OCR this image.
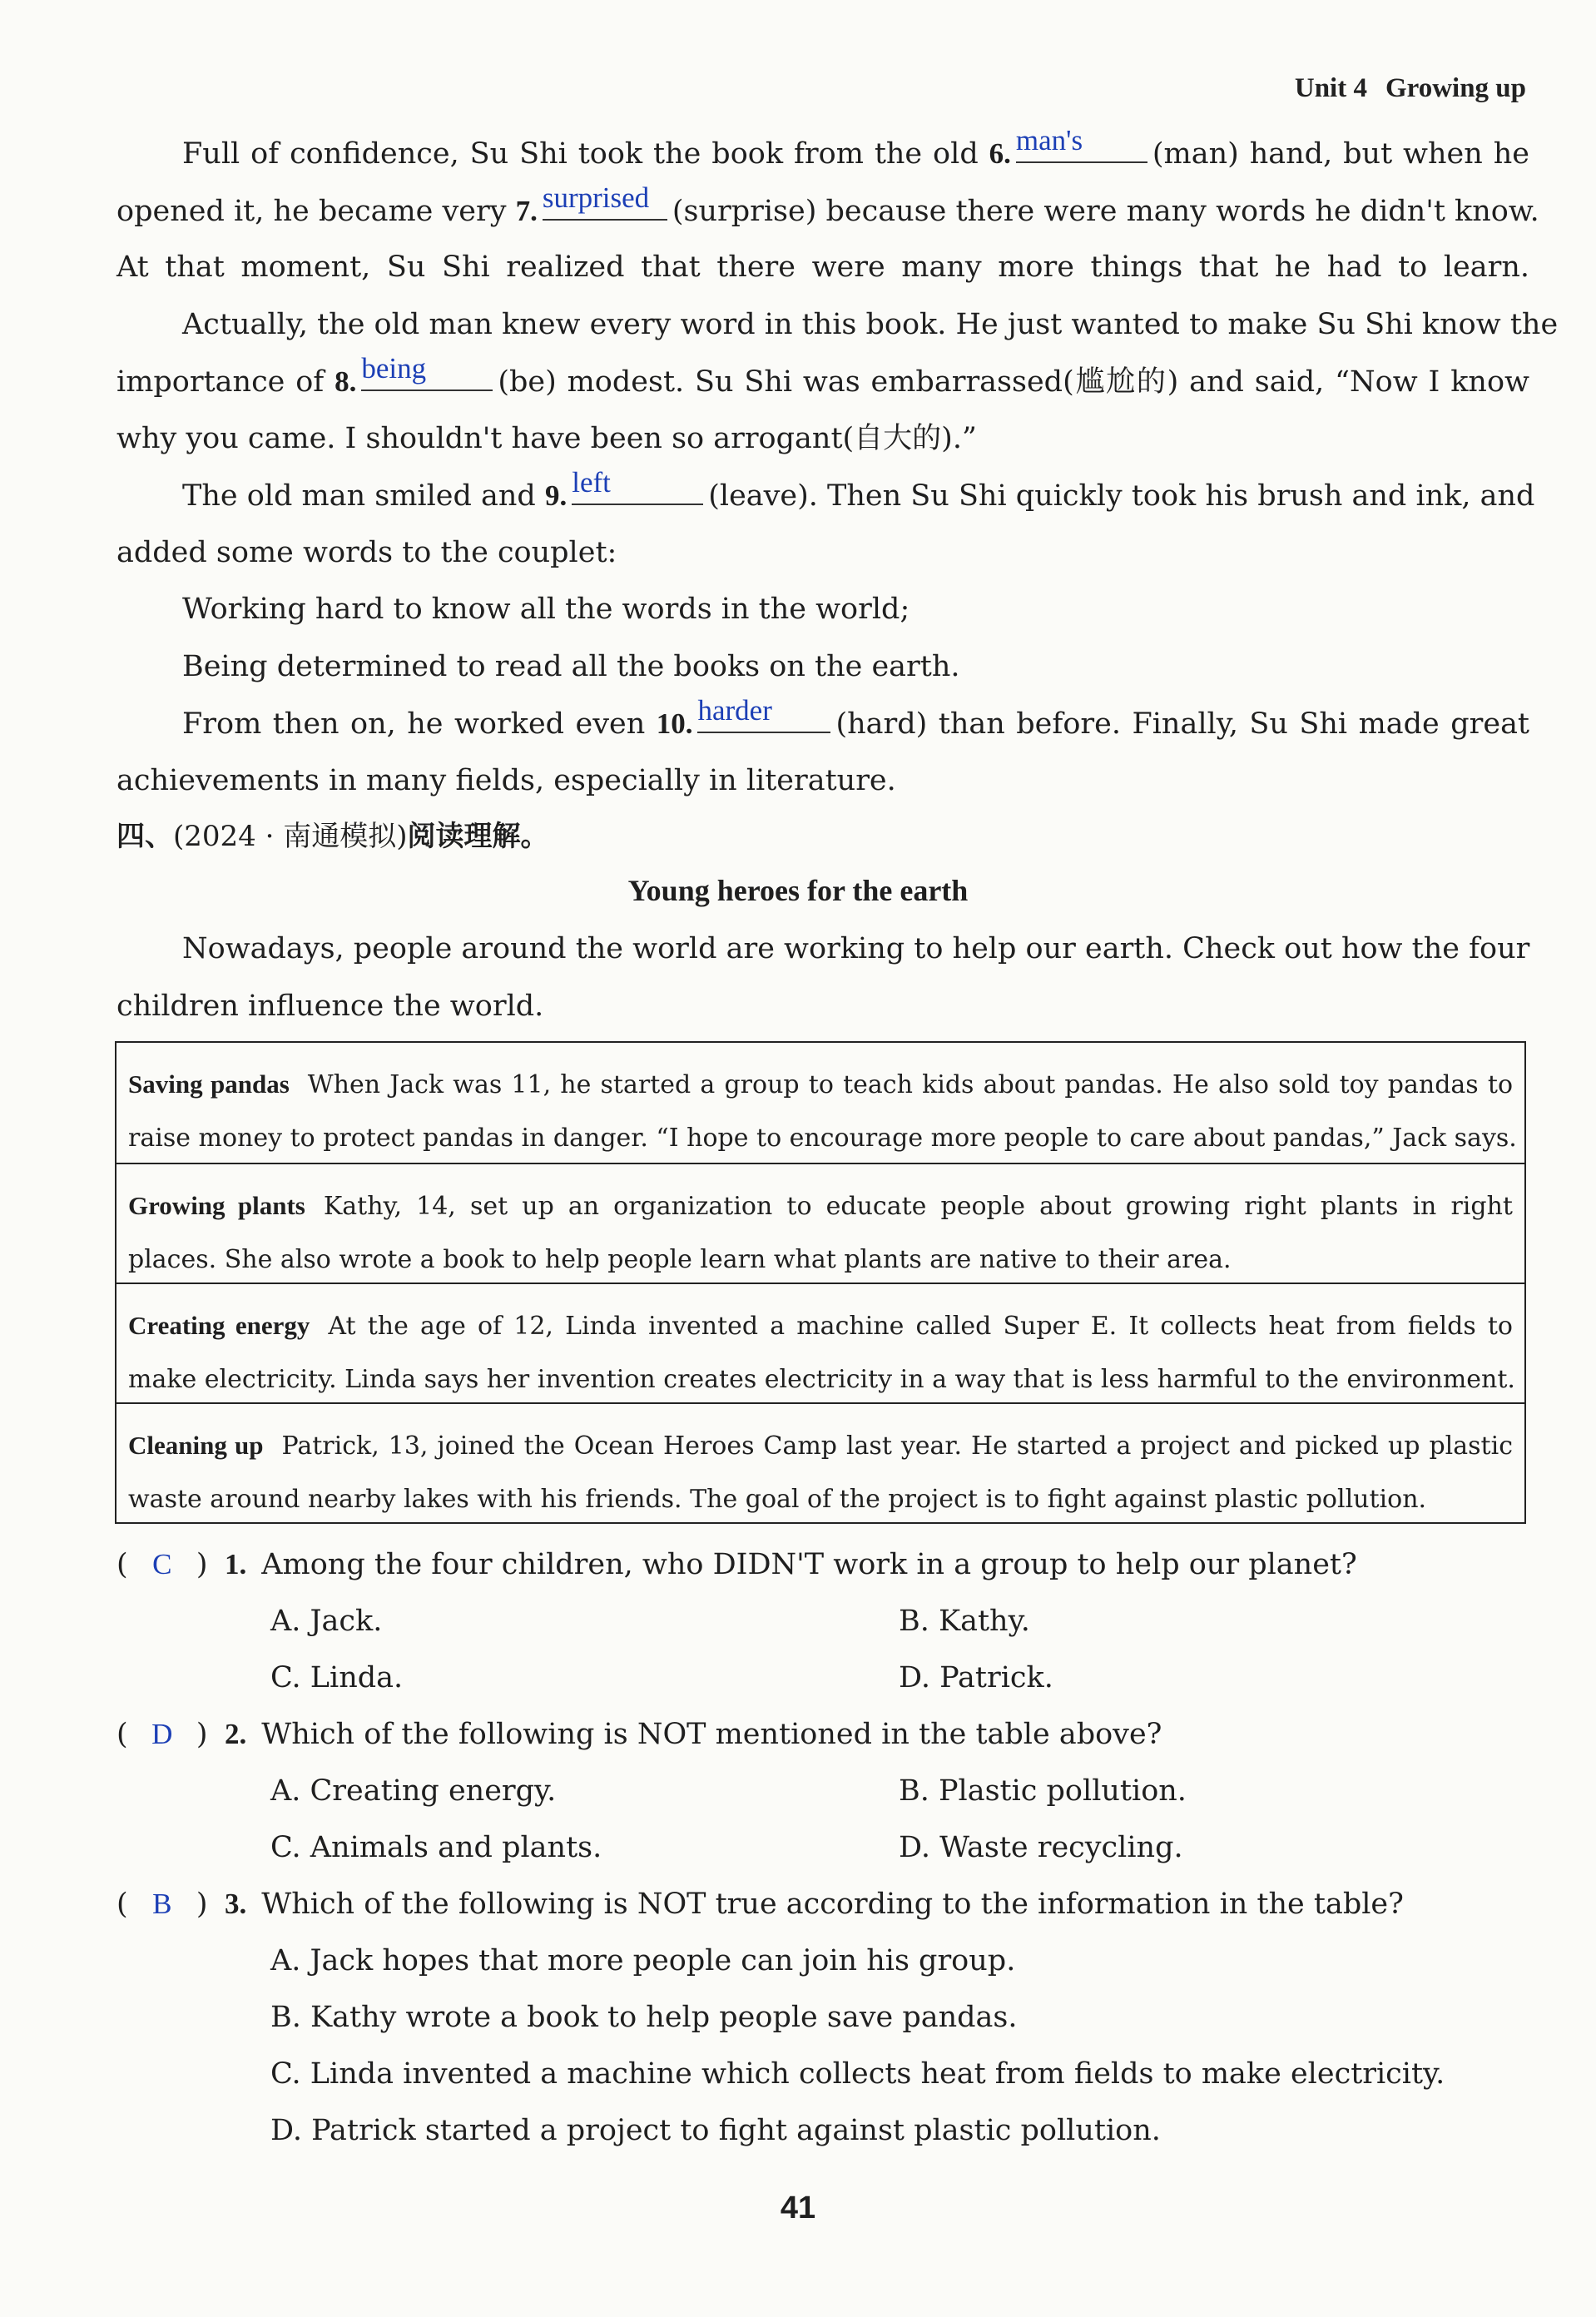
Unit 4 Growing up
Full of confidence, Su Shi took the book from the old 6. man's	(man) hand, but when he
opened it, he became very 7. surprised (surprise) because there were many words he didn't know.
At that moment, Su Shi realized that there were many more things that he had to learn.
Actually, the old man knew every word in this book. He just wanted to make Su Shi know the
importance of 8. being	(be) modest. Su Shi was embarrassed(尴尬的) and said, “Now I know
why you came. I shouldn't have been so arrogant(自大的).”
The old man smiled and 9. left	(leave). Then Su Shi quickly took his brush and ink, and
added some words to the couplet:
Working hard to know all the words in the world;
Being determined to read all the books on the earth.
From then on, he worked even 10. harder	(hard) than before. Finally, Su Shi made great
achievements in many fields, especially in literature.
四、(2024 · 南通模拟)阅读理解。
Young heroes for the earth
Nowadays, people around the world are working to help our earth. Check out how the four
children influence the world.
Saving pandas When Jack was 11, he started a group to teach kids about pandas. He also sold toy pandas to
raise money to protect pandas in danger. “I hope to encourage more people to care about pandas,” Jack says.
Growing plants Kathy, 14, set up an organization to educate people about growing right plants in right
places. She also wrote a book to help people learn what plants are native to their area.
Creating energy At the age of 12, Linda invented a machine called Super E. It collects heat from fields to
make electricity. Linda says her invention creates electricity in a way that is less harmful to the environment.
Cleaning up Patrick, 13, joined the Ocean Heroes Camp last year. He started a project and picked up plastic
waste around nearby lakes with his friends. The goal of the project is to fight against plastic pollution.
( C ) 1. Among the four children, who DIDN'T work in a group to help our planet?
A. Jack.	B. Kathy.
C. Linda.	D. Patrick.
( D ) 2. Which of the following is NOT mentioned in the table above?
A. Creating energy.	B. Plastic pollution.
C. Animals and plants.	D. Waste recycling.
( B ) 3. Which of the following is NOT true according to the information in the table?
A. Jack hopes that more people can join his group.
B. Kathy wrote a book to help people save pandas.
C. Linda invented a machine which collects heat from fields to make electricity.
D. Patrick started a project to fight against plastic pollution.
41
